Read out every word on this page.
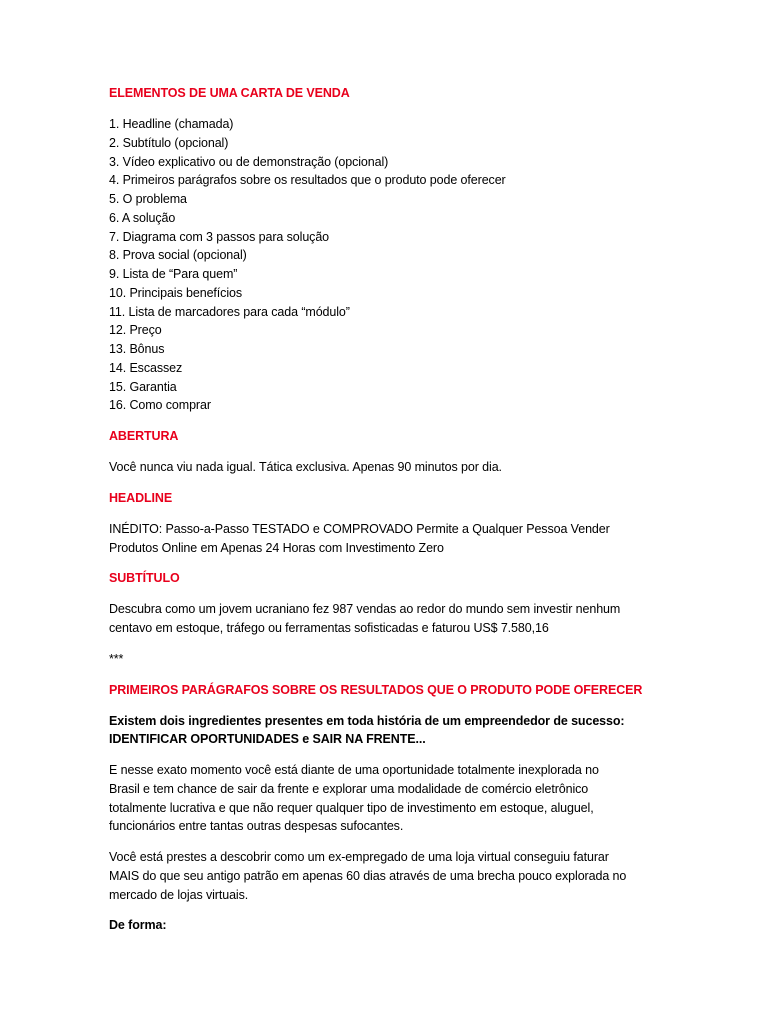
ELEMENTOS DE UMA CARTA DE VENDA

1. Headline (chamada)
2. Subtítulo (opcional)
3. Vídeo explicativo ou de demonstração (opcional)
4. Primeiros parágrafos sobre os resultados que o produto pode oferecer
5. O problema
6. A solução
7. Diagrama com 3 passos para solução
8. Prova social (opcional)
9. Lista de “Para quem”
10. Principais benefícios
11. Lista de marcadores para cada “módulo”
12. Preço
13. Bônus
14. Escassez
15. Garantia
16. Como comprar

ABERTURA

Você nunca viu nada igual. Tática exclusiva. Apenas 90 minutos por dia.

HEADLINE

INÉDITO: Passo-a-Passo TESTADO e COMPROVADO Permite a Qualquer Pessoa Vender

Produtos Online em Apenas 24 Horas com Investimento Zero

SUBTÍTULO

Descubra como um jovem ucraniano fez 987 vendas ao redor do mundo sem investir nenhum

centavo em estoque, tráfego ou ferramentas sofisticadas e faturou US$ 7.580,16

***

PRIMEIROS PARÁGRAFOS SOBRE OS RESULTADOS QUE O PRODUTO PODE OFERECER

Existem dois ingredientes presentes em toda história de um empreendedor de sucesso:

IDENTIFICAR OPORTUNIDADES e SAIR NA FRENTE...

E nesse exato momento você está diante de uma oportunidade totalmente inexplorada no

Brasil e tem chance de sair da frente e explorar uma modalidade de comércio eletrônico

totalmente lucrativa e que não requer qualquer tipo de investimento em estoque, aluguel,

funcionários entre tantas outras despesas sufocantes.

Você está prestes a descobrir como um ex-empregado de uma loja virtual conseguiu faturar

MAIS do que seu antigo patrão em apenas 60 dias através de uma brecha pouco explorada no

mercado de lojas virtuais.

De forma:
